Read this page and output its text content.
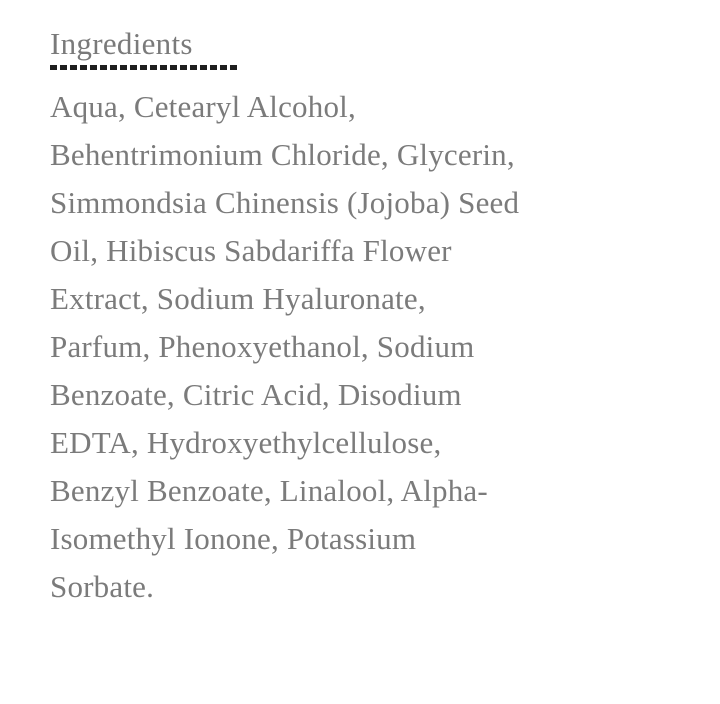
Ingredients
Aqua, Cetearyl Alcohol,
Behentrimonium Chloride, Glycerin,
Simmondsia Chinensis (Jojoba) Seed
Oil, Hibiscus Sabdariffa Flower
Extract, Sodium Hyaluronate,
Parfum, Phenoxyethanol, Sodium
Benzoate, Citric Acid, Disodium
EDTA, Hydroxyethylcellulose,
Benzyl Benzoate, Linalool, Alpha-
Isomethyl Ionone, Potassium
Sorbate.
